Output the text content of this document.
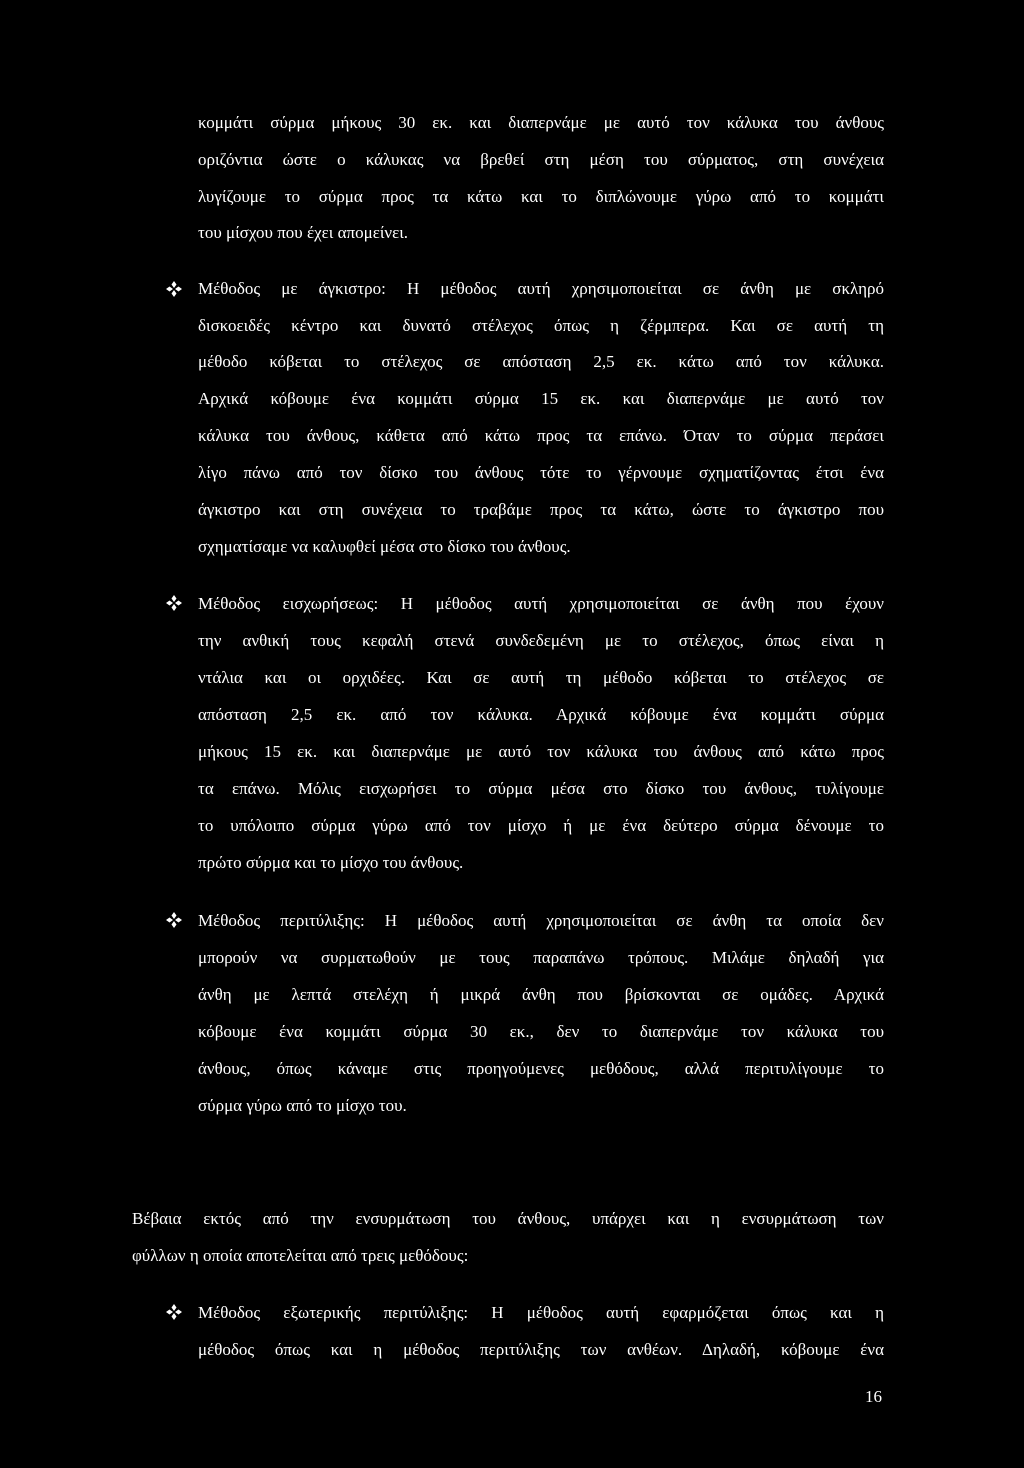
κομμάτι σύρμα μήκους 30 εκ. και διαπερνάμε με αυτό τον κάλυκα του άνθους
οριζόντια ώστε ο κάλυκας να βρεθεί στη μέση του σύρματος, στη συνέχεια
λυγίζουμε το σύρμα προς τα κάτω και το διπλώνουμε γύρω από το κομμάτι
του μίσχου που έχει απομείνει.
Μέθοδος με άγκιστρο: Η μέθοδος αυτή χρησιμοποιείται σε άνθη με σκληρό
δισκοειδές κέντρο και δυνατό στέλεχος όπως η ζέρμπερα. Και σε αυτή τη
μέθοδο κόβεται το στέλεχος σε απόσταση 2,5 εκ. κάτω από τον κάλυκα.
Αρχικά κόβουμε ένα κομμάτι σύρμα 15 εκ. και διαπερνάμε με αυτό τον
κάλυκα του άνθους, κάθετα από κάτω προς τα επάνω. Όταν το σύρμα περάσει
λίγο πάνω από τον δίσκο του άνθους τότε το γέρνουμε σχηματίζοντας έτσι ένα
άγκιστρο και στη συνέχεια το τραβάμε προς τα κάτω, ώστε το άγκιστρο που
σχηματίσαμε να καλυφθεί μέσα στο δίσκο του άνθους.
Μέθοδος εισχωρήσεως: Η μέθοδος αυτή χρησιμοποιείται σε άνθη που έχουν
την ανθική τους κεφαλή στενά συνδεδεμένη με το στέλεχος, όπως είναι η
ντάλια και οι ορχιδέες. Και σε αυτή τη μέθοδο κόβεται το στέλεχος σε
απόσταση 2,5 εκ. από τον κάλυκα. Αρχικά κόβουμε ένα κομμάτι σύρμα
μήκους 15 εκ. και διαπερνάμε με αυτό τον κάλυκα του άνθους από κάτω προς
τα επάνω. Μόλις εισχωρήσει το σύρμα μέσα στο δίσκο του άνθους, τυλίγουμε
το υπόλοιπο σύρμα γύρω από τον μίσχο ή με ένα δεύτερο σύρμα δένουμε το
πρώτο σύρμα και το μίσχο του άνθους.
Μέθοδος περιτύλιξης: Η μέθοδος αυτή χρησιμοποιείται σε άνθη τα οποία δεν
μπορούν να συρματωθούν με τους παραπάνω τρόπους. Μιλάμε δηλαδή για
άνθη με λεπτά στελέχη ή μικρά άνθη που βρίσκονται σε ομάδες. Αρχικά
κόβουμε ένα κομμάτι σύρμα 30 εκ., δεν το διαπερνάμε τον κάλυκα του
άνθους, όπως κάναμε στις προηγούμενες μεθόδους, αλλά περιτυλίγουμε το
σύρμα γύρω από το μίσχο του.
Βέβαια εκτός από την ενσυρμάτωση του άνθους, υπάρχει και η ενσυρμάτωση των
φύλλων η οποία αποτελείται από τρεις μεθόδους:
Μέθοδος εξωτερικής περιτύλιξης: Η μέθοδος αυτή εφαρμόζεται όπως και η
μέθοδος όπως και η μέθοδος περιτύλιξης των ανθέων. Δηλαδή, κόβουμε ένα
16
